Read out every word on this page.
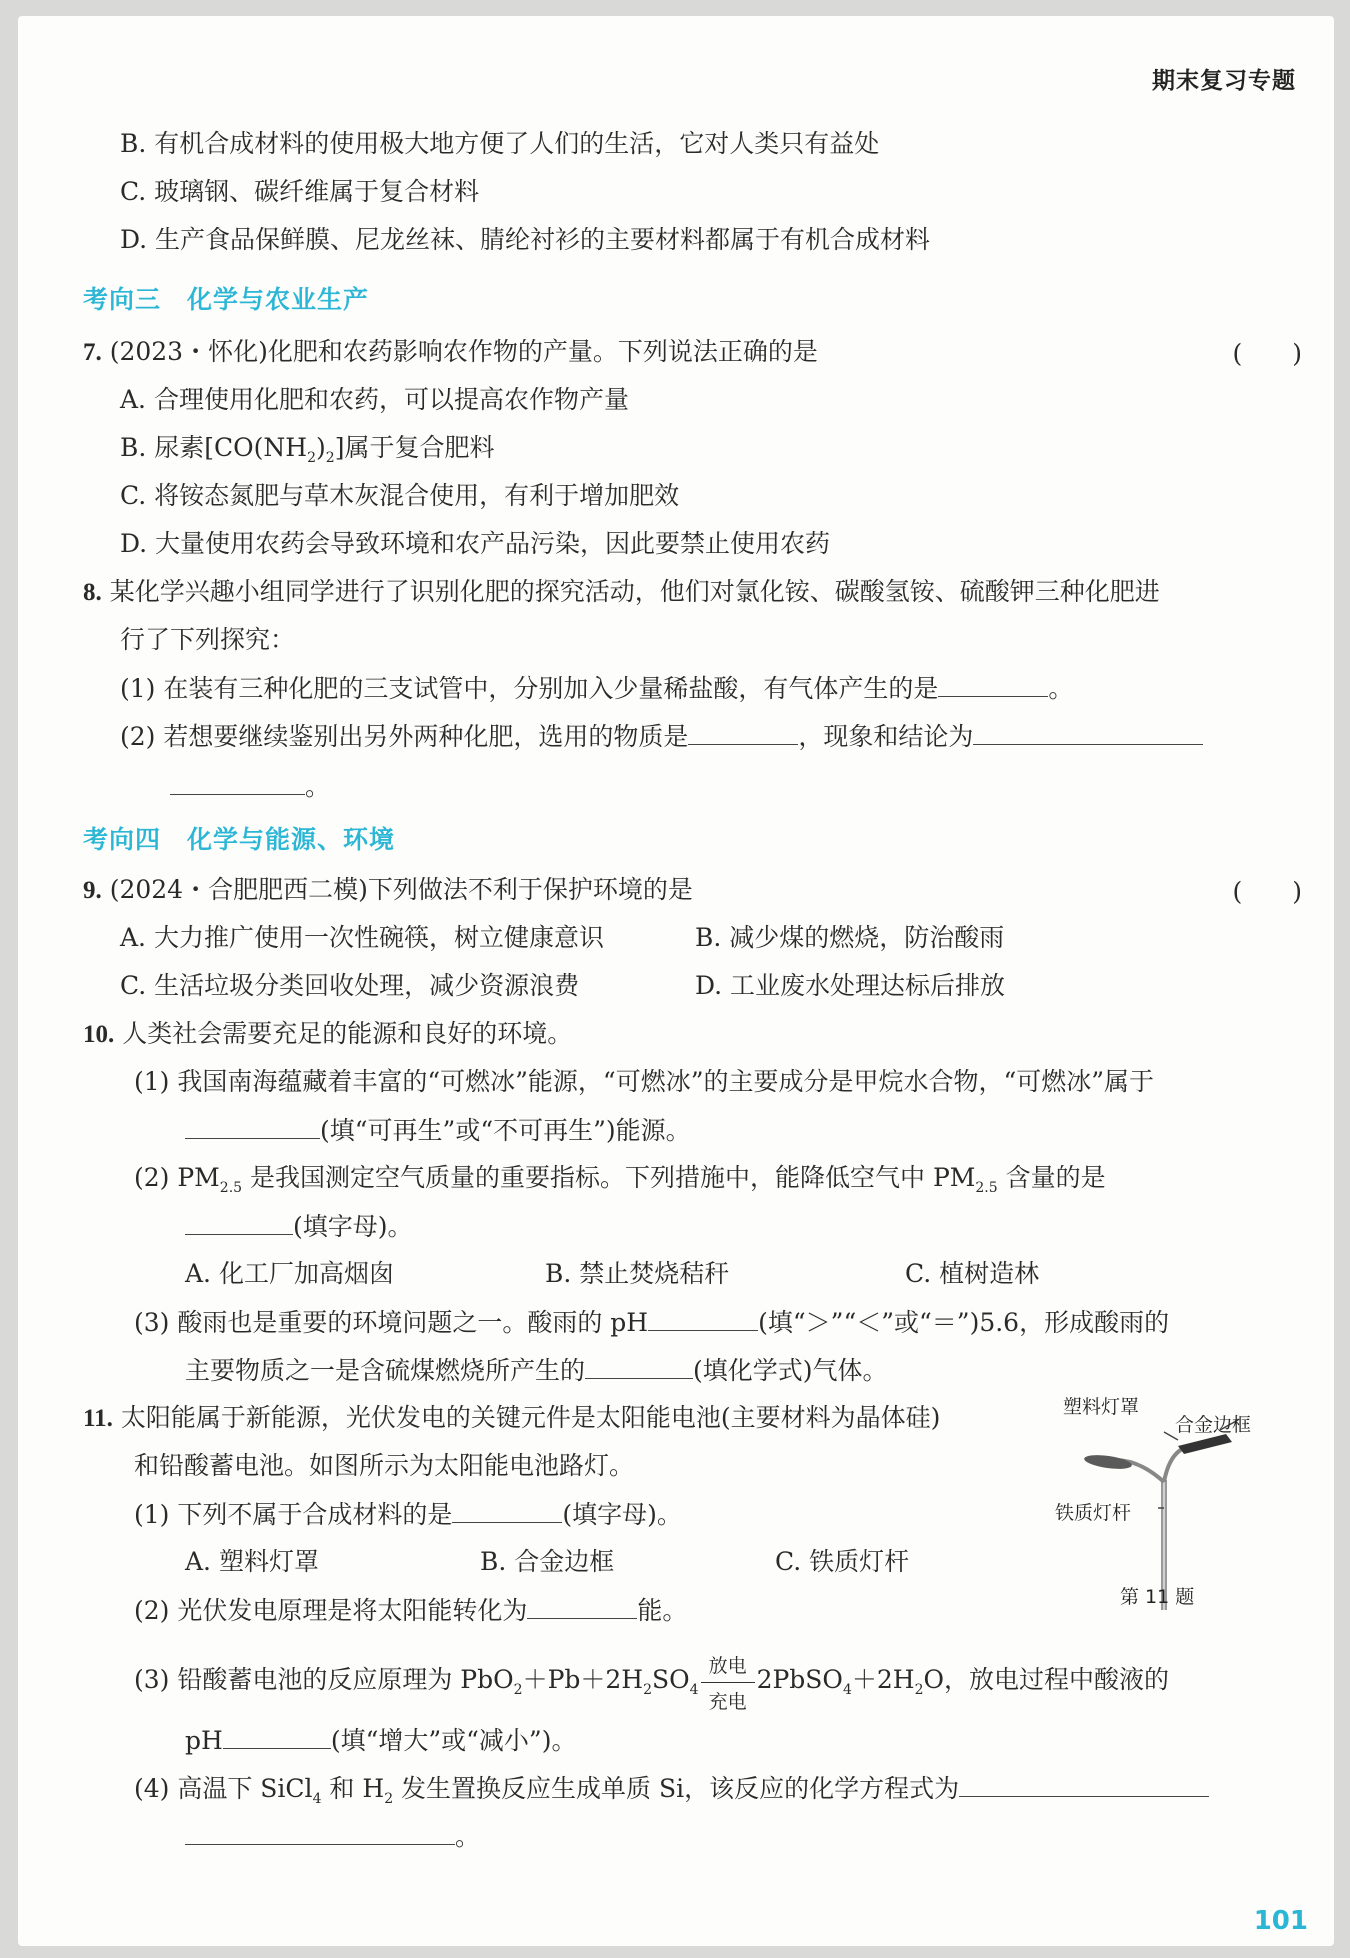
期末复习专题
B. 有机合成材料的使用极大地方便了人们的生活，它对人类只有益处
C. 玻璃钢、碳纤维属于复合材料
D. 生产食品保鲜膜、尼龙丝袜、腈纶衬衫的主要材料都属于有机合成材料
考向三　化学与农业生产
7. (2023・怀化)化肥和农药影响农作物的产量。下列说法正确的是	(　　)
A. 合理使用化肥和农药，可以提高农作物产量
B. 尿素$[CO(NH_2)_2]$属于复合肥料
C. 将铵态氮肥与草木灰混合使用，有利于增加肥效
D. 大量使用农药会导致环境和农产品污染，因此要禁止使用农药
8. 某化学兴趣小组同学进行了识别化肥的探究活动，他们对氯化铵、碳酸氢铵、硫酸钾三种化肥进
行了下列探究：
(1) 在装有三种化肥的三支试管中，分别加入少量稀盐酸，有气体产生的是	。
(2) 若想要继续鉴别出另外两种化肥，选用的物质是	，现象和结论为
。
考向四　化学与能源、环境
9. (2024・合肥肥西二模)下列做法不利于保护环境的是	(　　)
A. 大力推广使用一次性碗筷，树立健康意识	B. 减少煤的燃烧，防治酸雨
C. 生活垃圾分类回收处理，减少资源浪费	D. 工业废水处理达标后排放
10. 人类社会需要充足的能源和良好的环境。
(1) 我国南海蕴藏着丰富的“可燃冰”能源，“可燃冰”的主要成分是甲烷水合物，“可燃冰”属于
(填“可再生”或“不可再生”)能源。
(2) $PM_{2.5}$ 是我国测定空气质量的重要指标。下列措施中，能降低空气中 $PM_{2.5}$ 含量的是
(填字母)。
A. 化工厂加高烟囱	B. 禁止焚烧秸秆	C. 植树造林
(3) 酸雨也是重要的环境问题之一。酸雨的 pH	(填“＞”“＜”或“＝”)5.6，形成酸雨的
主要物质之一是含硫煤燃烧所产生的	(填化学式)气体。
11. 太阳能属于新能源，光伏发电的关键元件是太阳能电池(主要材料为晶体硅)
和铅酸蓄电池。如图所示为太阳能电池路灯。
(1) 下列不属于合成材料的是	(填字母)。
A. 塑料灯罩	B. 合金边框	C. 铁质灯杆
(2) 光伏发电原理是将太阳能转化为	能。
(3) 铅酸蓄电池的反应原理为 $PbO_2+Pb+2H_2SO_4 \frac{\text{放电}}{\text{充电}}$ $2PbSO_4+2H_2O$，放电过程中酸液的
pH	(填“增大”或“减小”)。
(4) 高温下 SiCl$_4$ 和 $H_2$ 发生置换反应生成单质 Si，该反应的化学方程式为
。
塑料灯罩
合金边框
铁质灯杆
第 11 题
101
